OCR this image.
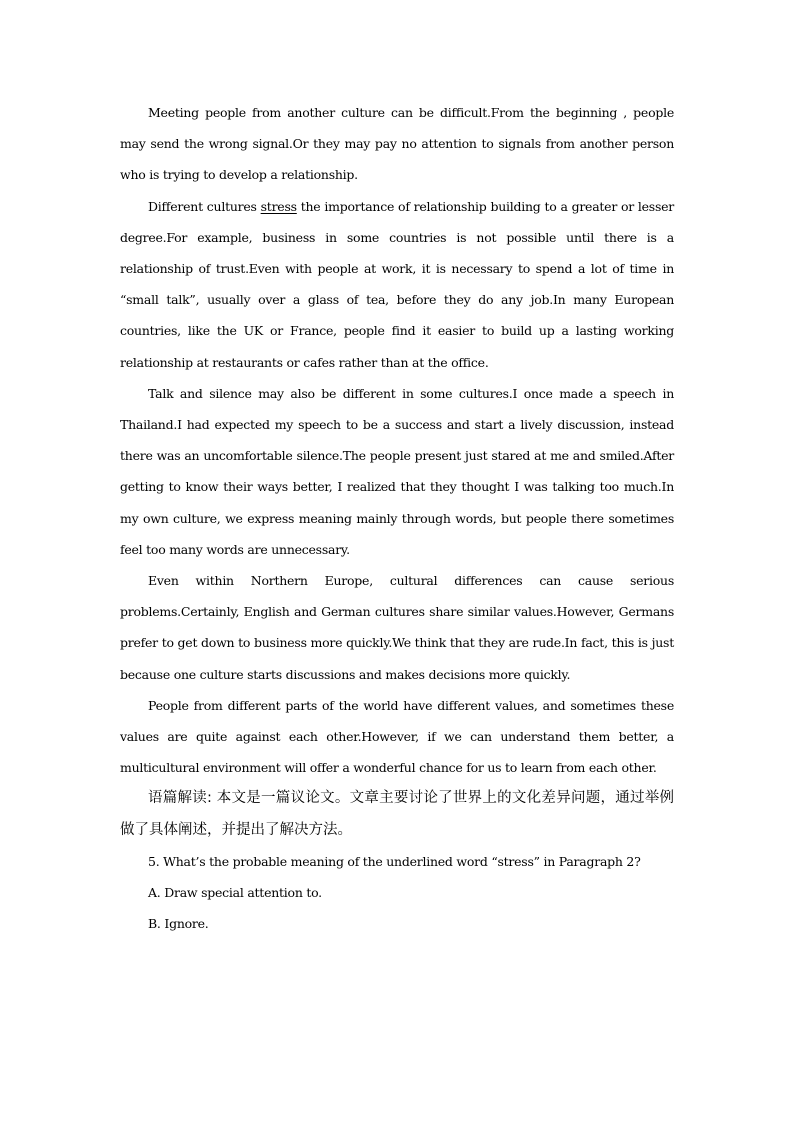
Meeting people from another culture can be difficult.From the beginning , people may send the wrong signal.Or they may pay no attention to signals from another person who is trying to develop a relationship.

Different cultures stress the importance of relationship building to a greater or lesser degree.For example, business in some countries is not possible until there is a relationship of trust.Even with people at work, it is necessary to spend a lot of time in “small talk”, usually over a glass of tea, before they do any job.In many European countries, like the UK or France, people find it easier to build up a lasting working relationship at restaurants or cafes rather than at the office.

Talk and silence may also be different in some cultures.I once made a speech in Thailand.I had expected my speech to be a success and start a lively discussion, instead there was an uncomfortable silence.The people present just stared at me and smiled.After getting to know their ways better, I realized that they thought I was talking too much.In my own culture, we express meaning mainly through words, but people there sometimes feel too many words are unnecessary.

Even within Northern Europe, cultural differences can cause serious problems.Certainly, English and German cultures share similar values.However, Germans prefer to get down to business more quickly.We think that they are rude.In fact, this is just because one culture starts discussions and makes decisions more quickly.

People from different parts of the world have different values, and sometimes these values are quite against each other.However, if we can understand them better, a multicultural environment will offer a wonderful chance for us to learn from each other.

语篇解读: 本文是一篇议论文。文章主要讨论了世界上的文化差异问题，通过举例做了具体阐述，并提出了解决方法。

5. What’s the probable meaning of the underlined word “stress” in Paragraph 2?

A. Draw special attention to.

B. Ignore.
